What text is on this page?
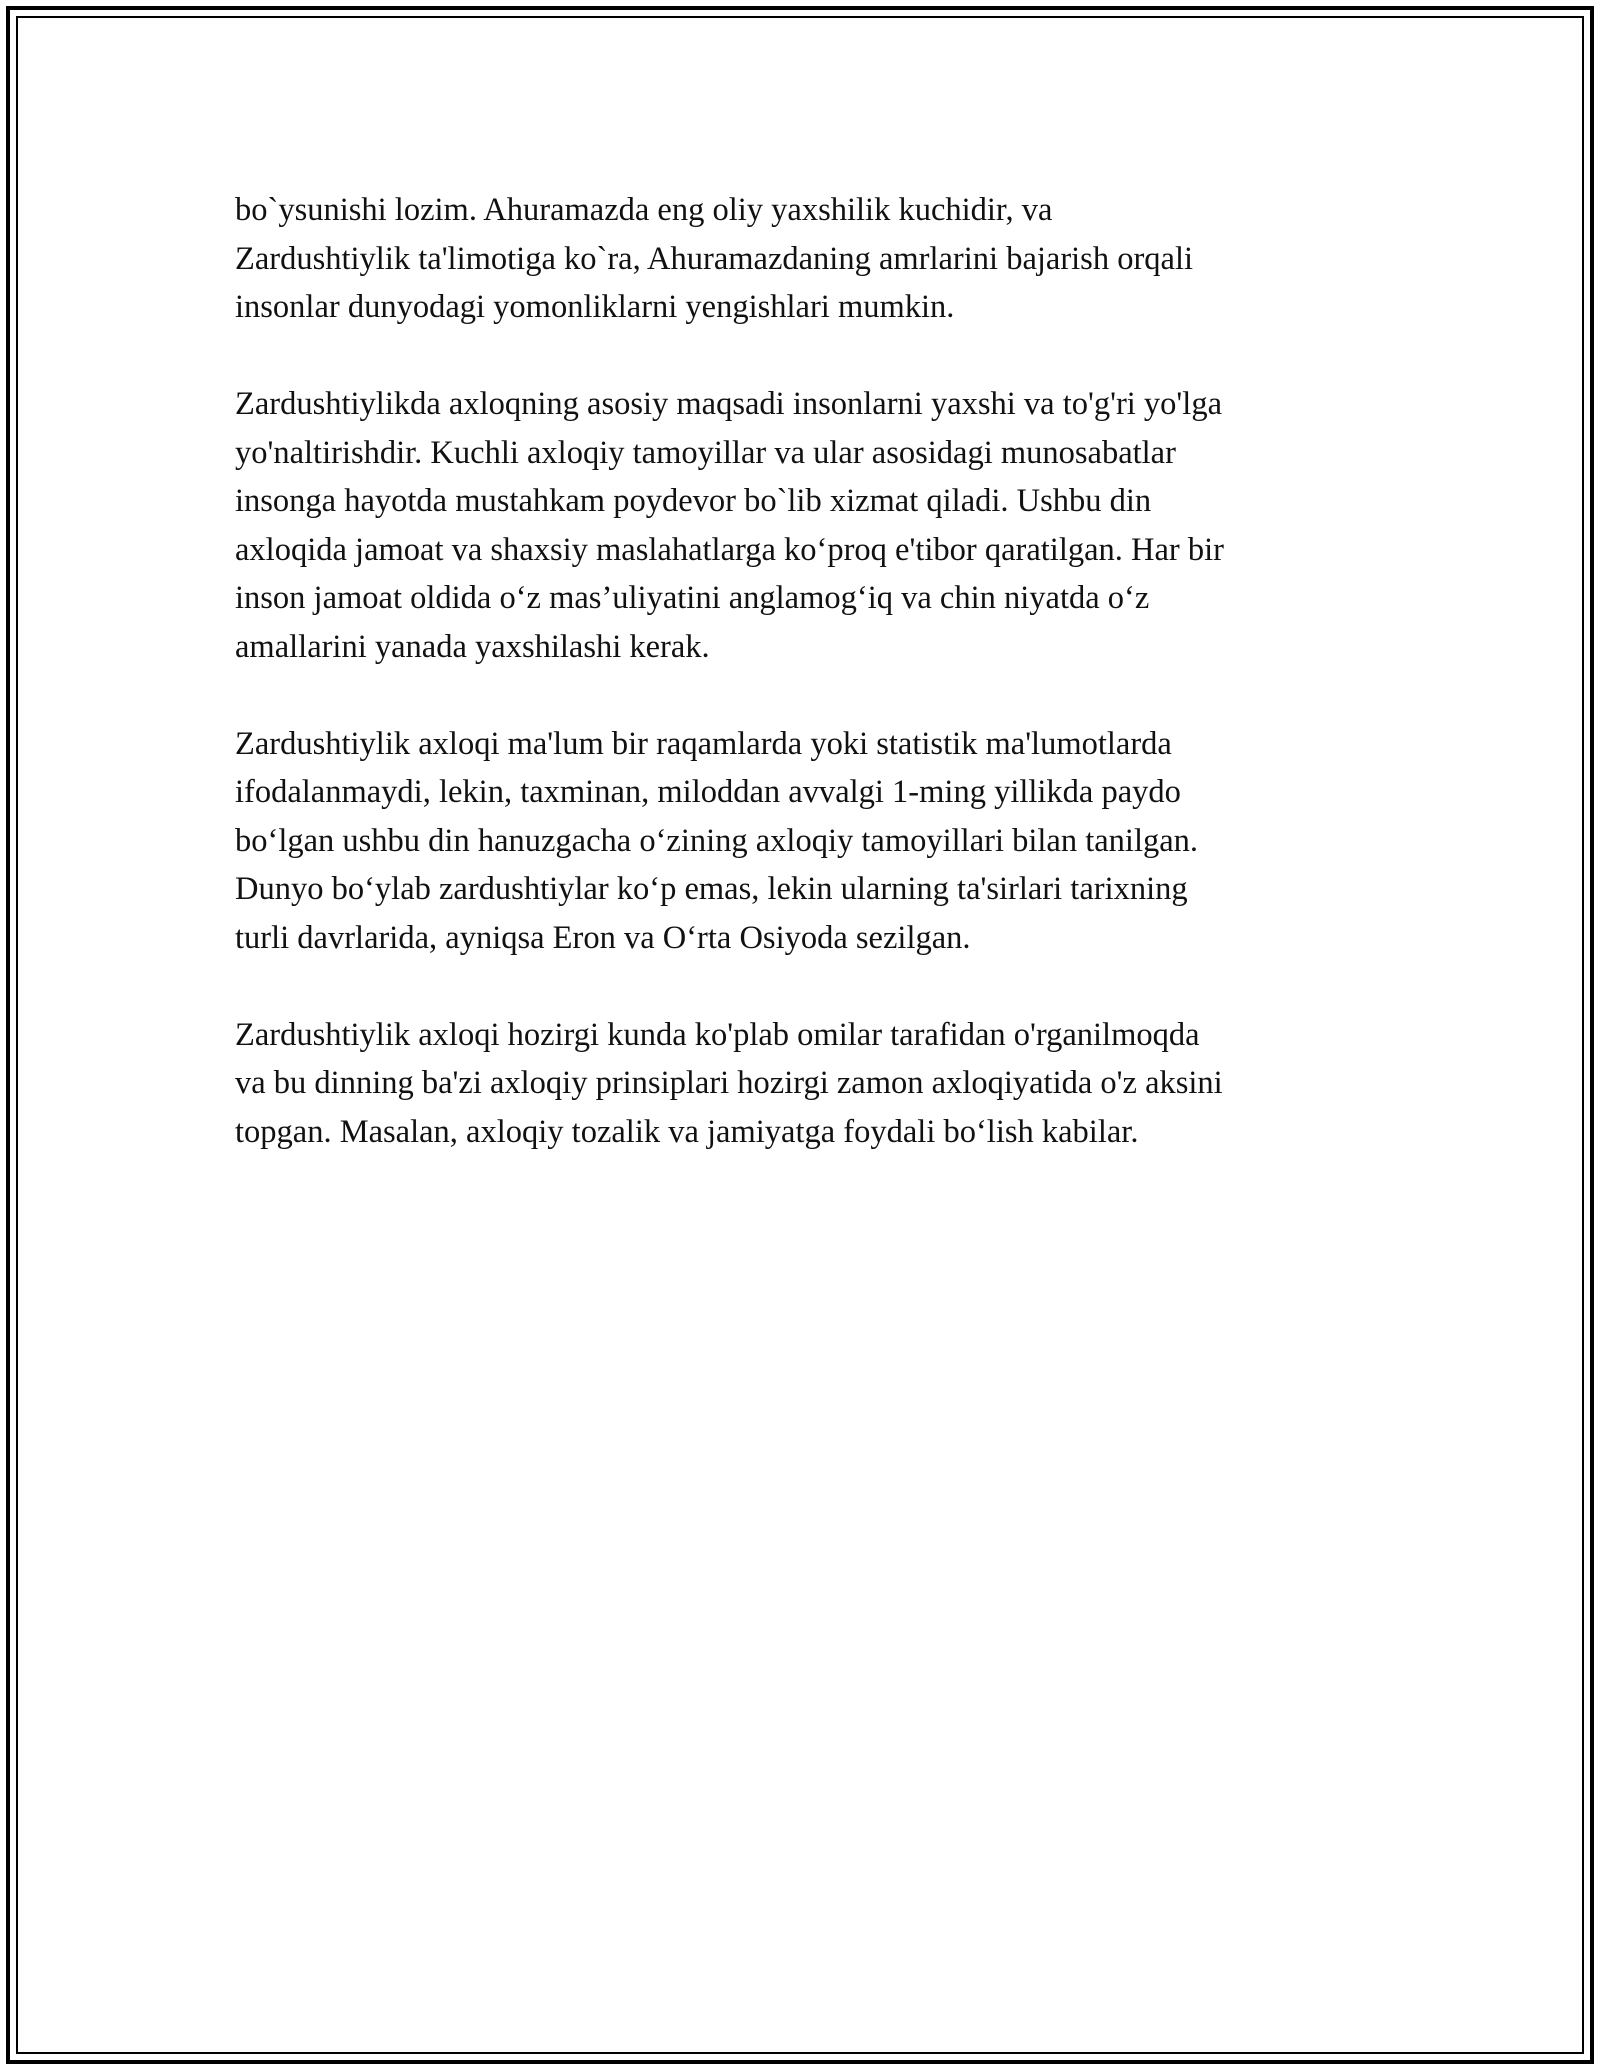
bo`ysunishi lozim. Ahuramazda eng oliy yaxshilik kuchidir, va
Zardushtiylik ta'limotiga ko`ra, Ahuramazdaning amrlarini bajarish orqali
insonlar dunyodagi yomonliklarni yengishlari mumkin.

Zardushtiylikda axloqning asosiy maqsadi insonlarni yaxshi va to'g'ri yo'lga
yo'naltirishdir. Kuchli axloqiy tamoyillar va ular asosidagi munosabatlar
insonga hayotda mustahkam poydevor bo`lib xizmat qiladi. Ushbu din
axloqida jamoat va shaxsiy maslahatlarga ko‘proq e'tibor qaratilgan. Har bir
inson jamoat oldida o‘z mas’uliyatini anglamog‘iq va chin niyatda o‘z
amallarini yanada yaxshilashi kerak.

Zardushtiylik axloqi ma'lum bir raqamlarda yoki statistik ma'lumotlarda
ifodalanmaydi, lekin, taxminan, miloddan avvalgi 1-ming yillikda paydo
bo‘lgan ushbu din hanuzgacha o‘zining axloqiy tamoyillari bilan tanilgan.
Dunyo bo‘ylab zardushtiylar ko‘p emas, lekin ularning ta'sirlari tarixning
turli davrlarida, ayniqsa Eron va O‘rta Osiyoda sezilgan.

Zardushtiylik axloqi hozirgi kunda ko'plab omilar tarafidan o'rganilmoqda
va bu dinning ba'zi axloqiy prinsiplari hozirgi zamon axloqiyatida o'z aksini
topgan. Masalan, axloqiy tozalik va jamiyatga foydali bo‘lish kabilar.
